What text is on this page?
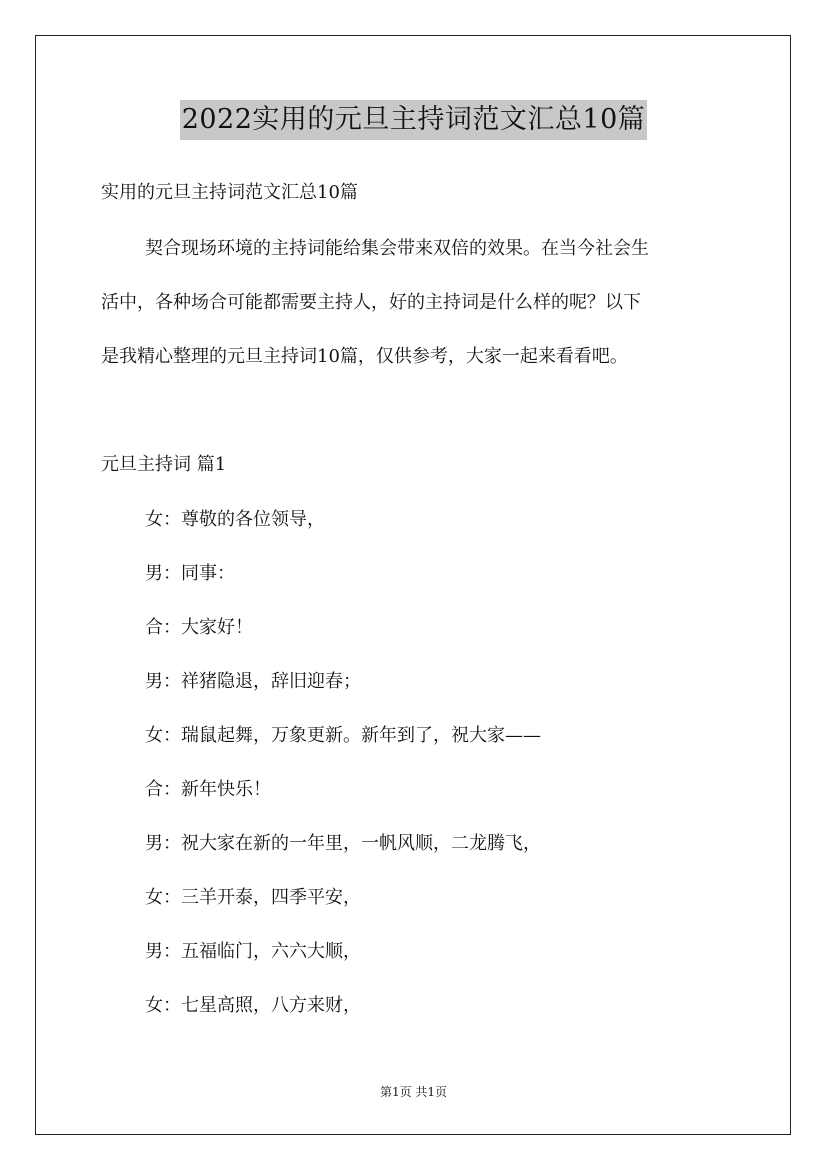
2022实用的元旦主持词范文汇总10篇
实用的元旦主持词范文汇总10篇
契合现场环境的主持词能给集会带来双倍的效果。在当今社会生
活中，各种场合可能都需要主持人，好的主持词是什么样的呢？以下
是我精心整理的元旦主持词10篇，仅供参考，大家一起来看看吧。
元旦主持词 篇1
女：尊敬的各位领导，
男：同事：
合：大家好！
男：祥猪隐退，辞旧迎春；
女：瑞鼠起舞，万象更新。新年到了，祝大家——
合：新年快乐！
男：祝大家在新的一年里，一帆风顺，二龙腾飞，
女：三羊开泰，四季平安，
男：五福临门，六六大顺，
女：七星高照，八方来财，
第1页 共1页
